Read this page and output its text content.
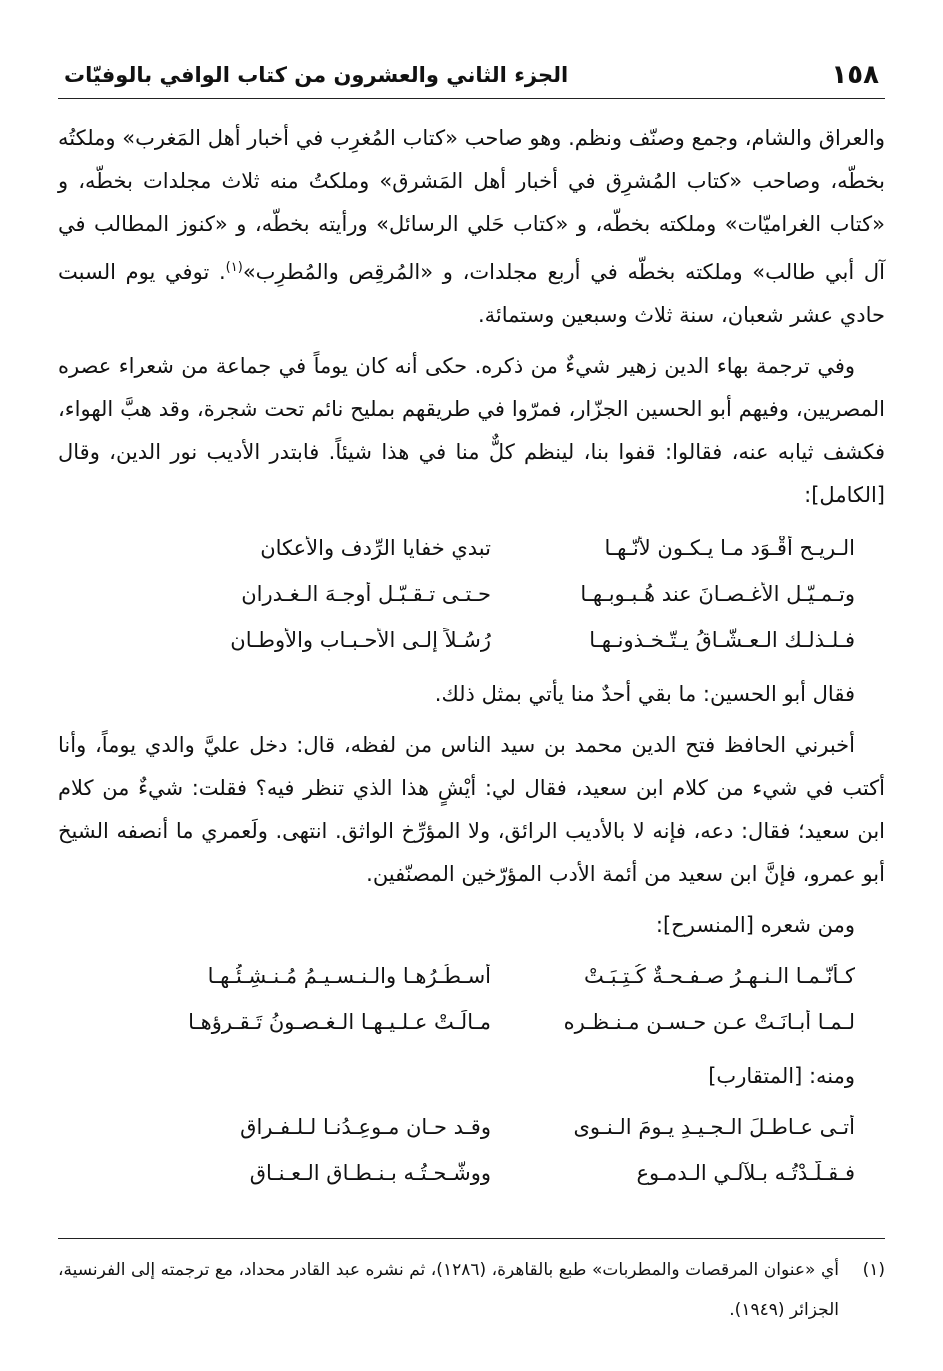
١٥٨
الجزء الثاني والعشرون من كتاب الوافي بالوفيّات

والعراق والشام، وجمع وصنّف ونظم. وهو صاحب «كتاب المُغرِب في أخبار أهل المَغرب» وملكتُه بخطّه، وصاحب «كتاب المُشرِق في أخبار أهل المَشرق» وملكتُ منه ثلاث مجلدات بخطّه، و «كتاب الغراميّات» وملكته بخطّه، و «كتاب حَلي الرسائل» ورأيته بخطّه، و «كنوز المطالب في آل أبي طالب» وملكته بخطّه في أربع مجلدات، و «المُرقِص والمُطرِب»$^{(١)}$. توفي يوم السبت حادي عشر شعبان، سنة ثلاث وسبعين وستمائة.

وفي ترجمة بهاء الدين زهير شيءٌ من ذكره. حكى أنه كان يوماً في جماعة من شعراء عصره المصريين، وفيهم أبو الحسين الجزّار، فمرّوا في طريقهم بمليح نائم تحت شجرة، وقد هبَّ الهواء، فكشف ثيابه عنه، فقالوا: قفوا بنا، لينظم كلٌّ منا في هذا شيئاً. فابتدر الأديب نور الدين، وقال [الكامل]:

الـريـح أقْـوَد مـا يـكـون لأنّـهـا
تبدي خفايا الرِّدف والأعكانِ
وتـمـيّـل الأغـصـانَ عند هُـبـوبـهـا
حـتـى تـقـبّـل أوجـهَ الـغـدرانِ
فـلـذلـك الـعـشّـاقُ يـتّـخـذونـهـا
رُسُـلاً إلـى الأحـبـاب والأوطـانِ

فقال أبو الحسين: ما بقي أحدٌ منا يأتي بمثل ذلك.

أخبرني الحافظ فتح الدين محمد بن سيد الناس من لفظه، قال: دخل عليَّ والدي يوماً، وأنا أكتب في شيء من كلام ابن سعيد، فقال لي: أيْشٍ هذا الذي تنظر فيه؟ فقلت: شيءٌ من كلام ابن سعيد؛ فقال: دعه، فإنه لا بالأديب الرائق، ولا المؤرِّخ الواثق. انتهى. ولَعمري ما أنصفه الشيخ أبو عمرو، فإنَّ ابن سعيد من أئمة الأدب المؤرّخين المصنّفين.

ومن شعره [المنسرح]:
كـأنّـمـا الـنـهـرُ صـفـحـةٌ كُـتِـبَـتْ
أسـطُـرُهـا والـنـسـيـمُ مُـنـشِـئُـهـا
لـمـا أبـانَـتْ عـن حـسـنِ مـنـظـره
مـالَـتْ عـلـيـهـا الـغـصـونُ تَـقـرؤهـا
ومنه: [المتقارب]
أتـى عـاطـلَ الـجـيـدِ يـومَ الـنـوى
وقـد حـان مـوعِـدُنـا لـلـفـراقِ
فـقـلّـدْتُـه بـلآلـي الـدمـوعِ
ووشَّـحـتُـه بـنـطـاقِ الـعـنـاقِ
(١)
أي «عنوان المرقصات والمطربات» طبع بالقاهرة، (١٢٨٦)، ثم نشره عبد القادر محداد، مع ترجمته إلى الفرنسية، الجزائر (١٩٤٩).
